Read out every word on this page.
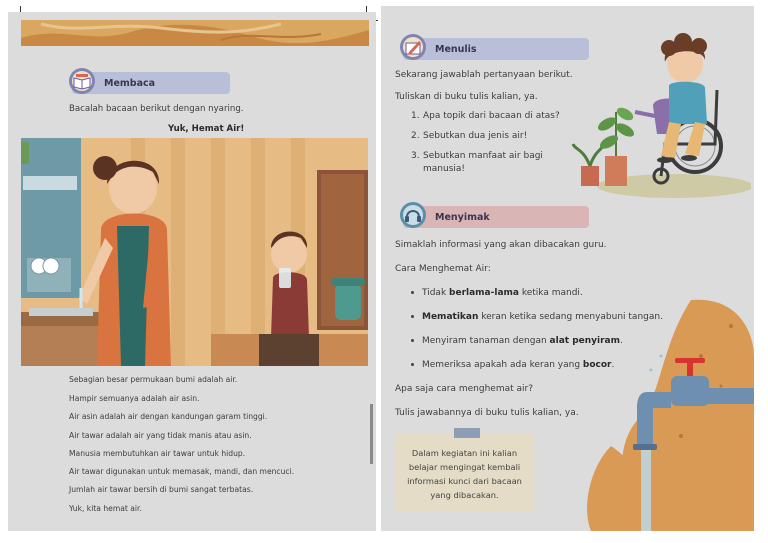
Membaca
Bacalah bacaan berikut dengan nyaring.
Yuk, Hemat Air!
Sebagian besar permukaan bumi adalah air.
Hampir semuanya adalah air asin.
Air asin adalah air dengan kandungan garam tinggi.
Air tawar adalah air yang tidak manis atau asin.
Manusia membutuhkan air tawar untuk hidup.
Air tawar digunakan untuk memasak, mandi, dan mencuci.
Jumlah air tawar bersih di bumi sangat terbatas.
Yuk, kita hemat air.
Menulis
Sekarang jawablah pertanyaan berikut.
Tuliskan di buku tulis kalian, ya.
1. Apa topik dari bacaan di atas?
2. Sebutkan dua jenis air!
3. Sebutkan manfaat air bagi
manusia!
Menyimak
Simaklah informasi yang akan dibacakan guru.
Cara Menghemat Air:
Tidak berlama-lama ketika mandi.
Mematikan keran ketika sedang menyabuni tangan.
Menyiram tanaman dengan alat penyiram.
Memeriksa apakah ada keran yang bocor.
Apa saja cara menghemat air?
Tulis jawabannya di buku tulis kalian, ya.
Dalam kegiatan ini kalian
belajar mengingat kembali
informasi kunci dari bacaan
yang dibacakan.
